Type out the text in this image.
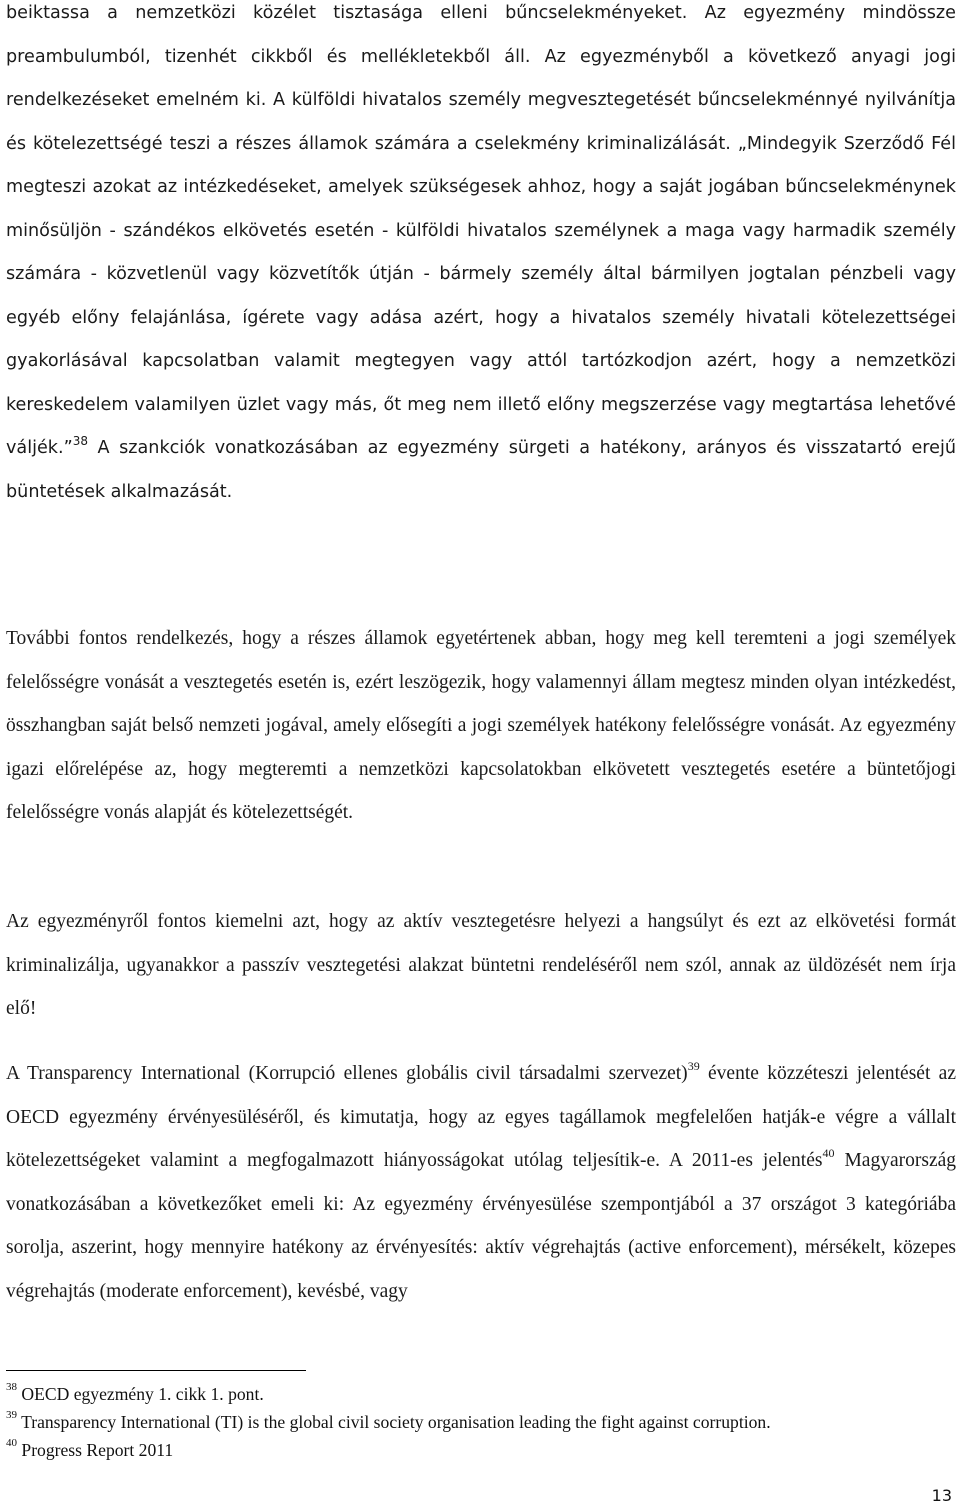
beiktassa a nemzetközi közélet tisztasága elleni bűncselekményeket. Az egyezmény mindössze preambulumból, tizenhét cikkből és mellékletekből áll. Az egyezményből a következő anyagi jogi rendelkezéseket emelném ki. A külföldi hivatalos személy megvesztegetését bűncselekménnyé nyilvánítja és kötelezettségé teszi a részes államok számára a cselekmény kriminalizálását. „Mindegyik Szerződő Fél megteszi azokat az intézkedéseket, amelyek szükségesek ahhoz, hogy a saját jogában bűncselekménynek minősüljön - szándékos elkövetés esetén - külföldi hivatalos személynek a maga vagy harmadik személy számára - közvetlenül vagy közvetítők útján - bármely személy által bármilyen jogtalan pénzbeli vagy egyéb előny felajánlása, ígérete vagy adása azért, hogy a hivatalos személy hivatali kötelezettségei gyakorlásával kapcsolatban valamit megtegyen vagy attól tartózkodjon azért, hogy a nemzetközi kereskedelem valamilyen üzlet vagy más, őt meg nem illető előny megszerzése vagy megtartása lehetővé váljék.”$^{38}$ A szankciók vonatkozásában az egyezmény sürgeti a hatékony, arányos és visszatartó erejű büntetések alkalmazását.

További fontos rendelkezés, hogy a részes államok egyetértenek abban, hogy meg kell teremteni a jogi személyek felelősségre vonását a vesztegetés esetén is, ezért leszögezik, hogy valamennyi állam megtesz minden olyan intézkedést, összhangban saját belső nemzeti jogával, amely elősegíti a jogi személyek hatékony felelősségre vonását. Az egyezmény igazi előrelépése az, hogy megteremti a nemzetközi kapcsolatokban elkövetett vesztegetés esetére a büntetőjogi felelősségre vonás alapját és kötelezettségét.

Az egyezményről fontos kiemelni azt, hogy az aktív vesztegetésre helyezi a hangsúlyt és ezt az elkövetési formát kriminalizálja, ugyanakkor a passzív vesztegetési alakzat büntetni rendeléséről nem szól, annak az üldözését nem írja elő!

A Transparency International (Korrupció ellenes globális civil társadalmi szervezet)$^{39}$ évente közzéteszi jelentését az OECD egyezmény érvényesüléséről, és kimutatja, hogy az egyes tagállamok megfelelően hatják-e végre a vállalt kötelezettségeket valamint a megfogalmazott hiányosságokat utólag teljesítik-e. A 2011-es jelentés$^{40}$ Magyarország vonatkozásában a következőket emeli ki: Az egyezmény érvényesülése szempontjából a 37 országot 3 kategóriába sorolja, aszerint, hogy mennyire hatékony az érvényesítés: aktív végrehajtás (active enforcement), mérsékelt, közepes végrehajtás (moderate enforcement), kevésbé, vagy

$^{38}$ OECD egyezmény 1. cikk 1. pont.
$^{39}$ Transparency International (TI) is the global civil society organisation leading the fight against corruption.
$^{40}$ Progress Report 2011
13
